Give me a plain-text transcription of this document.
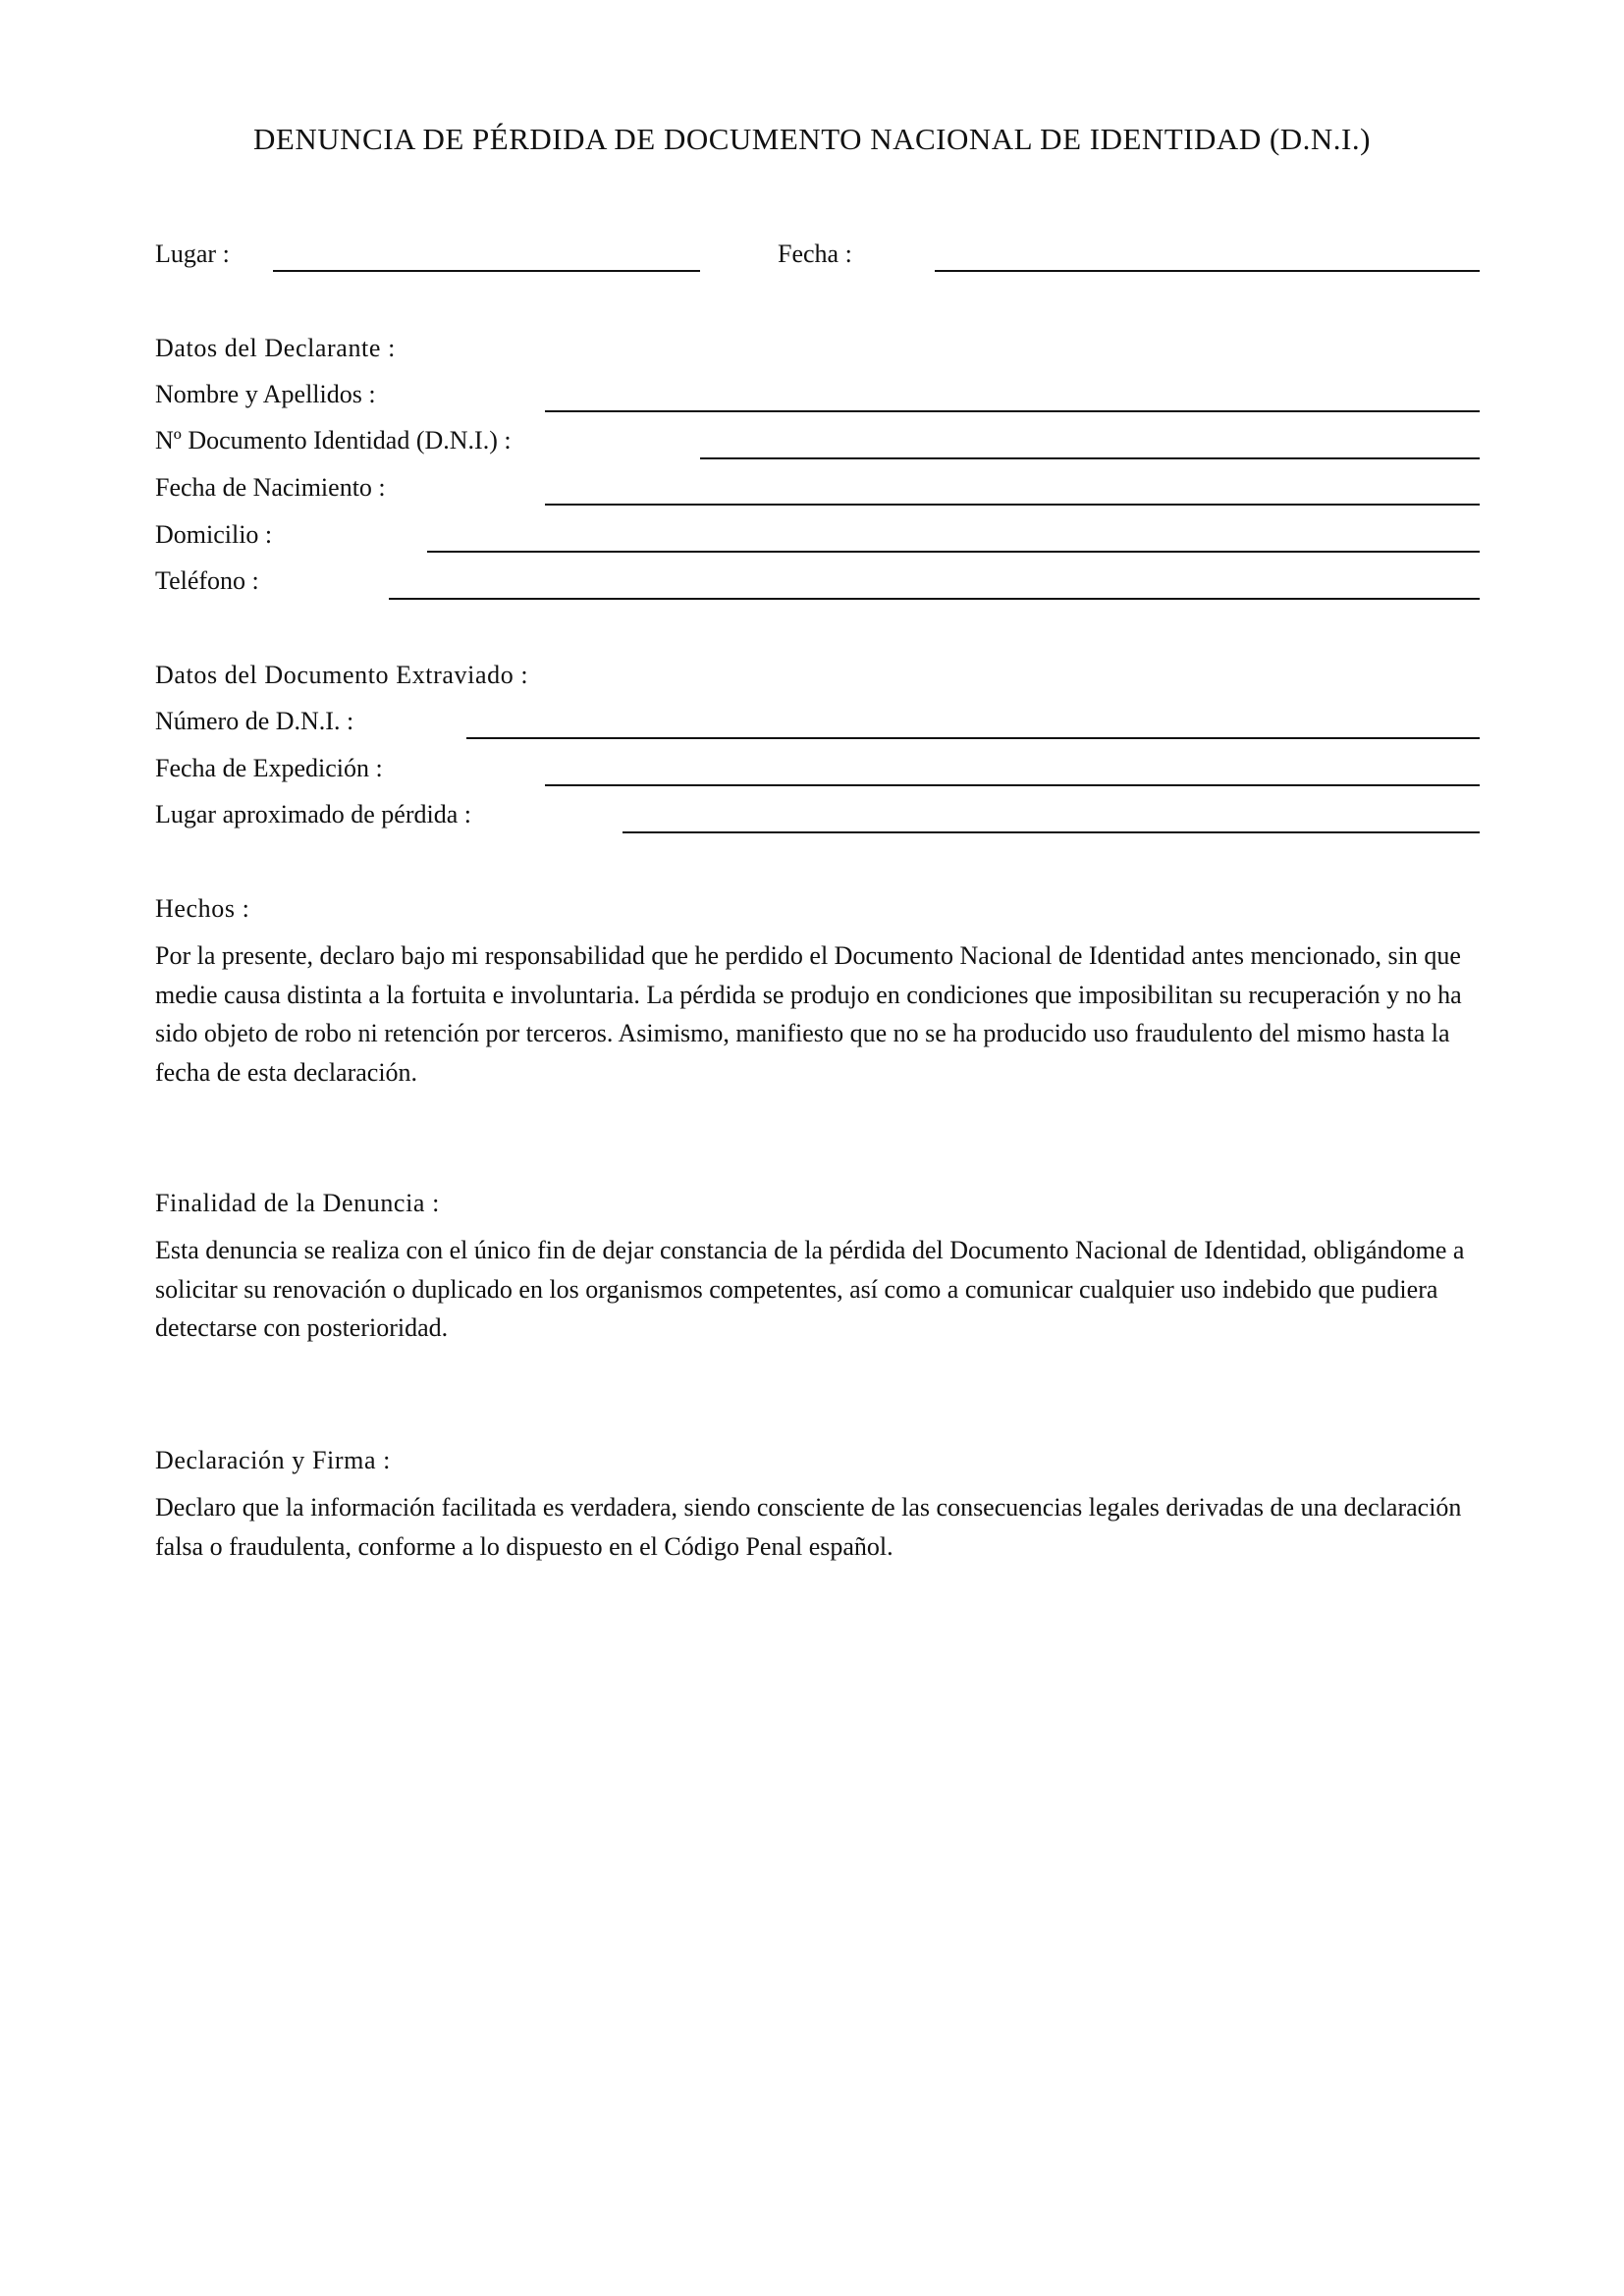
DENUNCIA DE PÉRDIDA DE DOCUMENTO NACIONAL DE IDENTIDAD (D.N.I.)
Lugar :	Fecha :
Datos del Declarante :
Nombre y Apellidos :
Nº Documento Identidad (D.N.I.) :
Fecha de Nacimiento :
Domicilio :
Teléfono :
Datos del Documento Extraviado :
Número de D.N.I. :
Fecha de Expedición :
Lugar aproximado de pérdida :
Hechos :
Por la presente, declaro bajo mi responsabilidad que he perdido el Documento Nacional de Identidad antes mencionado, sin que medie causa distinta a la fortuita e involuntaria. La pérdida se produjo en condiciones que imposibilitan su recuperación y no ha sido objeto de robo ni retención por terceros. Asimismo, manifiesto que no se ha producido uso fraudulento del mismo hasta la fecha de esta declaración.
Finalidad de la Denuncia :
Esta denuncia se realiza con el único fin de dejar constancia de la pérdida del Documento Nacional de Identidad, obligándome a solicitar su renovación o duplicado en los organismos competentes, así como a comunicar cualquier uso indebido que pudiera detectarse con posterioridad.
Declaración y Firma :
Declaro que la información facilitada es verdadera, siendo consciente de las consecuencias legales derivadas de una declaración falsa o fraudulenta, conforme a lo dispuesto en el Código Penal español.
